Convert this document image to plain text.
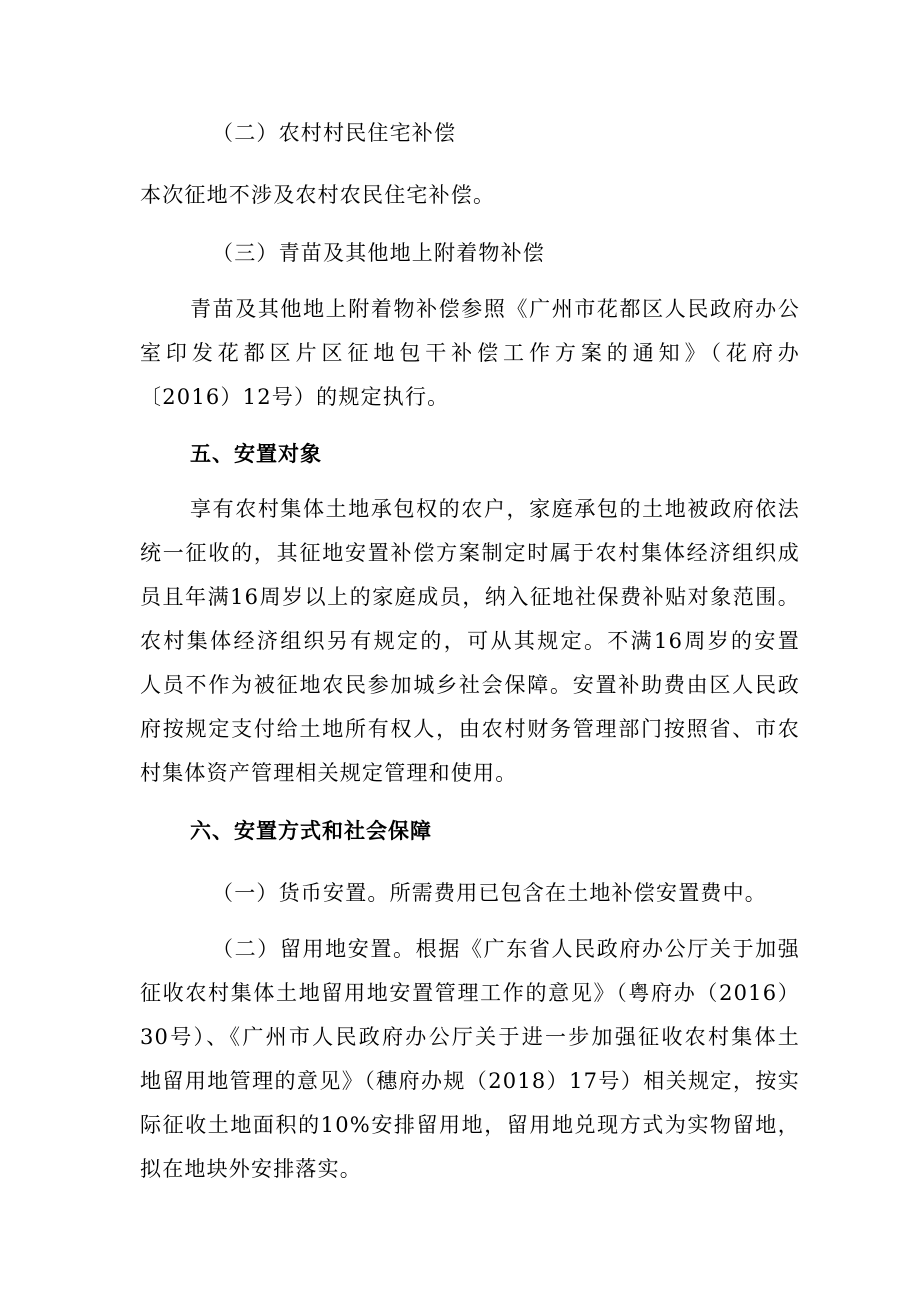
（二）农村村民住宅补偿
本次征地不涉及农村农民住宅补偿。
（三）青苗及其他地上附着物补偿
青苗及其他地上附着物补偿参照《广州市花都区人民政府办公
室印发花都区片区征地包干补偿工作方案的通知》（花府办
〔2016）12号）的规定执行。
五、安置对象
享有农村集体土地承包权的农户，家庭承包的土地被政府依法
统一征收的，其征地安置补偿方案制定时属于农村集体经济组织成
员且年满16周岁以上的家庭成员，纳入征地社保费补贴对象范围。
农村集体经济组织另有规定的，可从其规定。不满16周岁的安置
人员不作为被征地农民参加城乡社会保障。安置补助费由区人民政
府按规定支付给土地所有权人，由农村财务管理部门按照省、市农
村集体资产管理相关规定管理和使用。
六、安置方式和社会保障
（一）货币安置。所需费用已包含在土地补偿安置费中。
（二）留用地安置。根据《广东省人民政府办公厅关于加强
征收农村集体土地留用地安置管理工作的意见》（粤府办（2016）
30号）、《广州市人民政府办公厅关于进一步加强征收农村集体土
地留用地管理的意见》（穗府办规（2018）17号）相关规定，按实
际征收土地面积的10%安排留用地，留用地兑现方式为实物留地，
拟在地块外安排落实。
